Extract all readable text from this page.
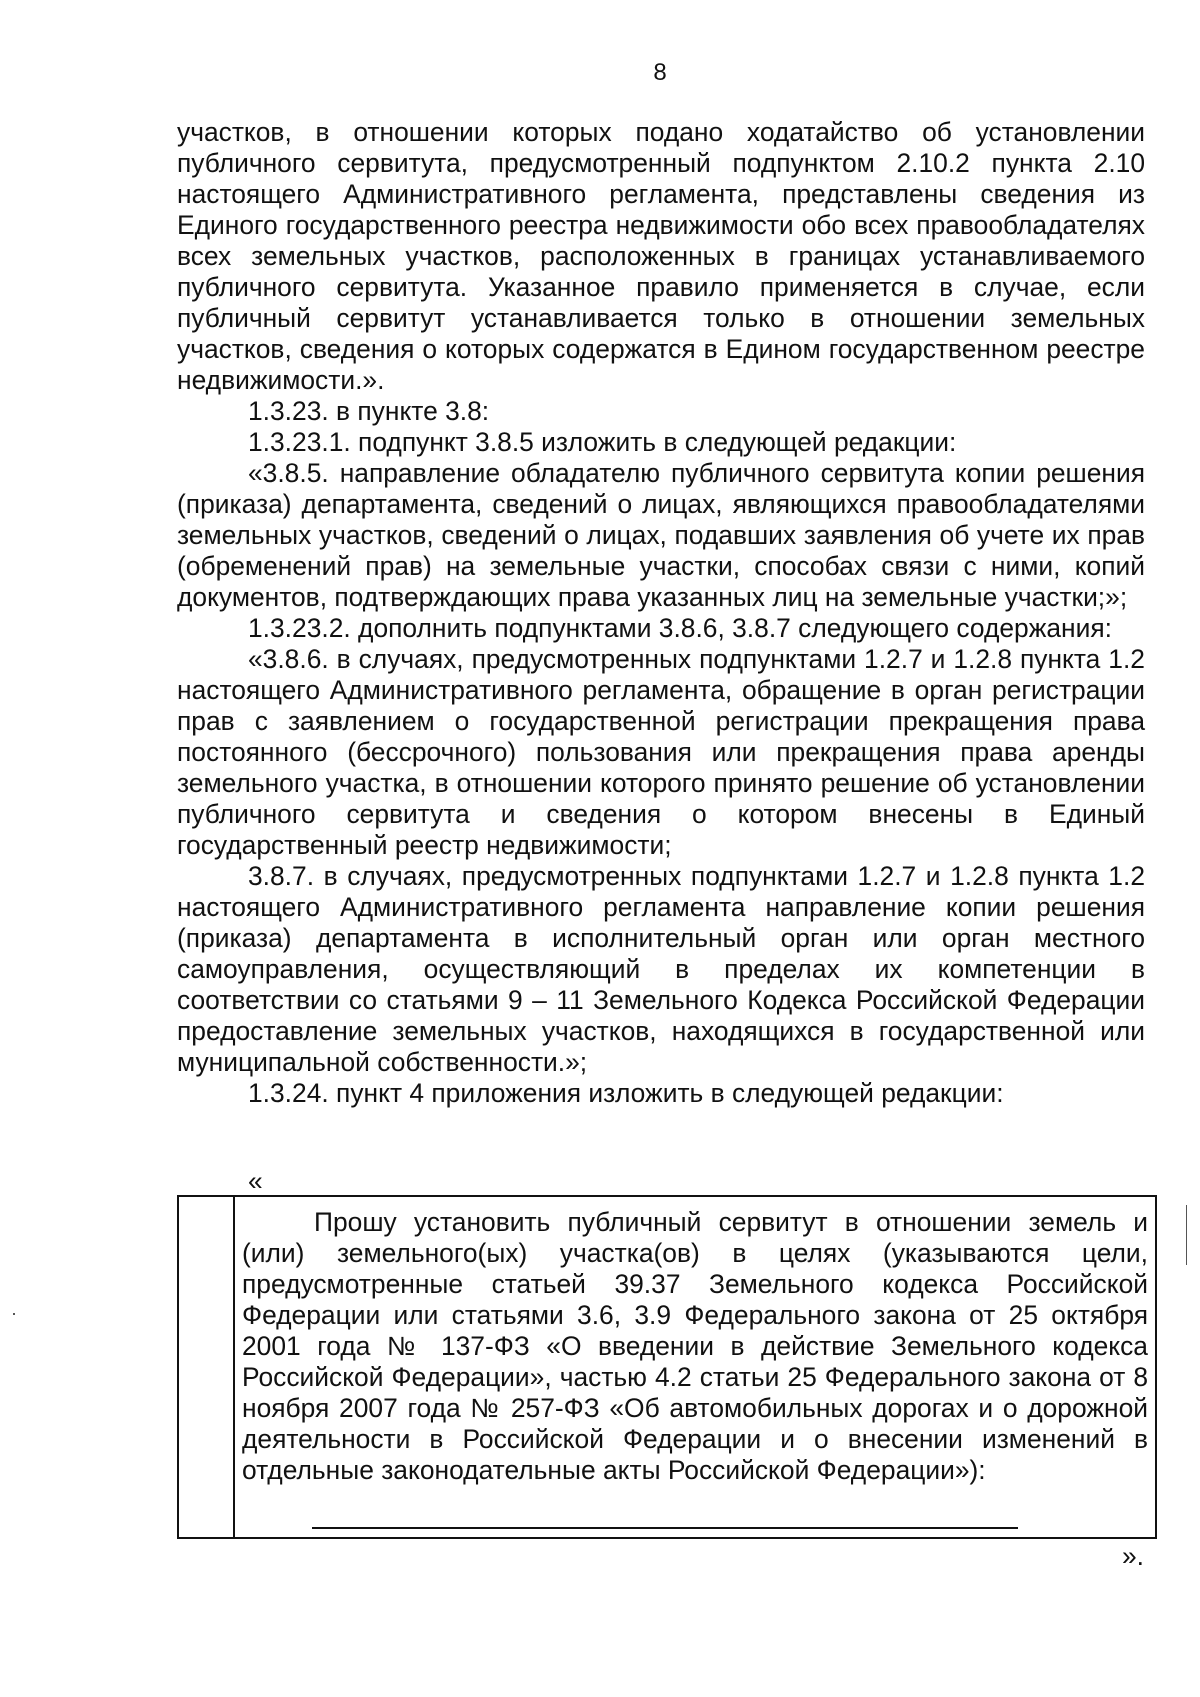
8

участков, в отношении которых подано ходатайство об установлении публичного сервитута, предусмотренный подпунктом 2.10.2 пункта 2.10 настоящего Административного регламента, представлены сведения из Единого государственного реестра недвижимости обо всех правообладателях всех земельных участков, расположенных в границах устанавливаемого публичного сервитута. Указанное правило применяется в случае, если публичный сервитут устанавливается только в отношении земельных участков, сведения о которых содержатся в Едином государственном реестре недвижимости.».

1.3.23. в пункте 3.8:

1.3.23.1. подпункт 3.8.5 изложить в следующей редакции:

«3.8.5. направление обладателю публичного сервитута копии решения (приказа) департамента, сведений о лицах, являющихся правообладателями земельных участков, сведений о лицах, подавших заявления об учете их прав (обременений прав) на земельные участки, способах связи с ними, копий документов, подтверждающих права указанных лиц на земельные участки;»;

1.3.23.2. дополнить подпунктами 3.8.6, 3.8.7 следующего содержания:

«3.8.6. в случаях, предусмотренных подпунктами 1.2.7 и 1.2.8 пункта 1.2 настоящего Административного регламента, обращение в орган регистрации прав с заявлением о государственной регистрации прекращения права постоянного (бессрочного) пользования или прекращения права аренды земельного участка, в отношении которого принято решение об установлении публичного сервитута и сведения о котором внесены в Единый государственный реестр недвижимости;

3.8.7. в случаях, предусмотренных подпунктами 1.2.7 и 1.2.8 пункта 1.2 настоящего Административного регламента направление копии решения (приказа) департамента в исполнительный орган или орган местного самоуправления, осуществляющий в пределах их компетенции в соответствии со статьями 9 – 11 Земельного Кодекса Российской Федерации предоставление земельных участков, находящихся в государственной или муниципальной собственности.»;

1.3.24. пункт 4 приложения изложить в следующей редакции:

«

Прошу установить публичный сервитут в отношении земель и (или) земельного(ых) участка(ов) в целях (указываются цели, предусмотренные статьей 39.37 Земельного кодекса Российской Федерации или статьями 3.6, 3.9 Федерального закона от 25 октября 2001 года № 137-ФЗ «О введении в действие Земельного кодекса Российской Федерации», частью 4.2 статьи 25 Федерального закона от 8 ноября 2007 года № 257-ФЗ «Об автомобильных дорогах и о дорожной деятельности в Российской Федерации и о внесении изменений в отдельные законодательные акты Российской Федерации»):

».
